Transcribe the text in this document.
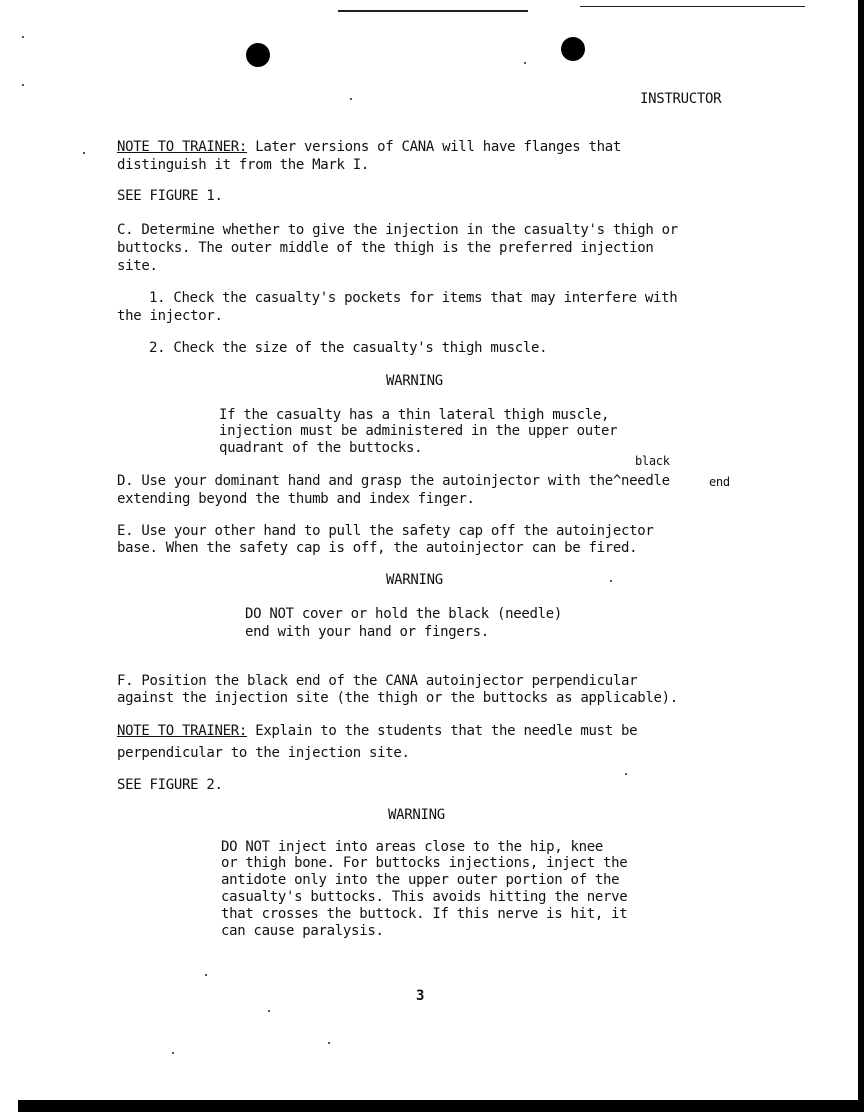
INSTRUCTOR
NOTE TO TRAINER: Later versions of CANA will have flanges that
distinguish it from the Mark I.
SEE FIGURE 1.
C. Determine whether to give the injection in the casualty's thigh or
buttocks. The outer middle of the thigh is the preferred injection
site.
1. Check the casualty's pockets for items that may interfere with
the injector.
2. Check the size of the casualty's thigh muscle.
WARNING
If the casualty has a thin lateral thigh muscle,
injection must be administered in the upper outer
quadrant of the buttocks.
black
D. Use your dominant hand and grasp the autoinjector with the^needle	end
extending beyond the thumb and index finger.
E. Use your other hand to pull the safety cap off the autoinjector
base. When the safety cap is off, the autoinjector can be fired.
WARNING
DO NOT cover or hold the black (needle)
end with your hand or fingers.
F. Position the black end of the CANA autoinjector perpendicular
against the injection site (the thigh or the buttocks as applicable).
NOTE TO TRAINER: Explain to the students that the needle must be
perpendicular to the injection site.
SEE FIGURE 2.
WARNING
DO NOT inject into areas close to the hip, knee
or thigh bone. For buttocks injections, inject the
antidote only into the upper outer portion of the
casualty's buttocks. This avoids hitting the nerve
that crosses the buttock. If this nerve is hit, it
can cause paralysis.
3
